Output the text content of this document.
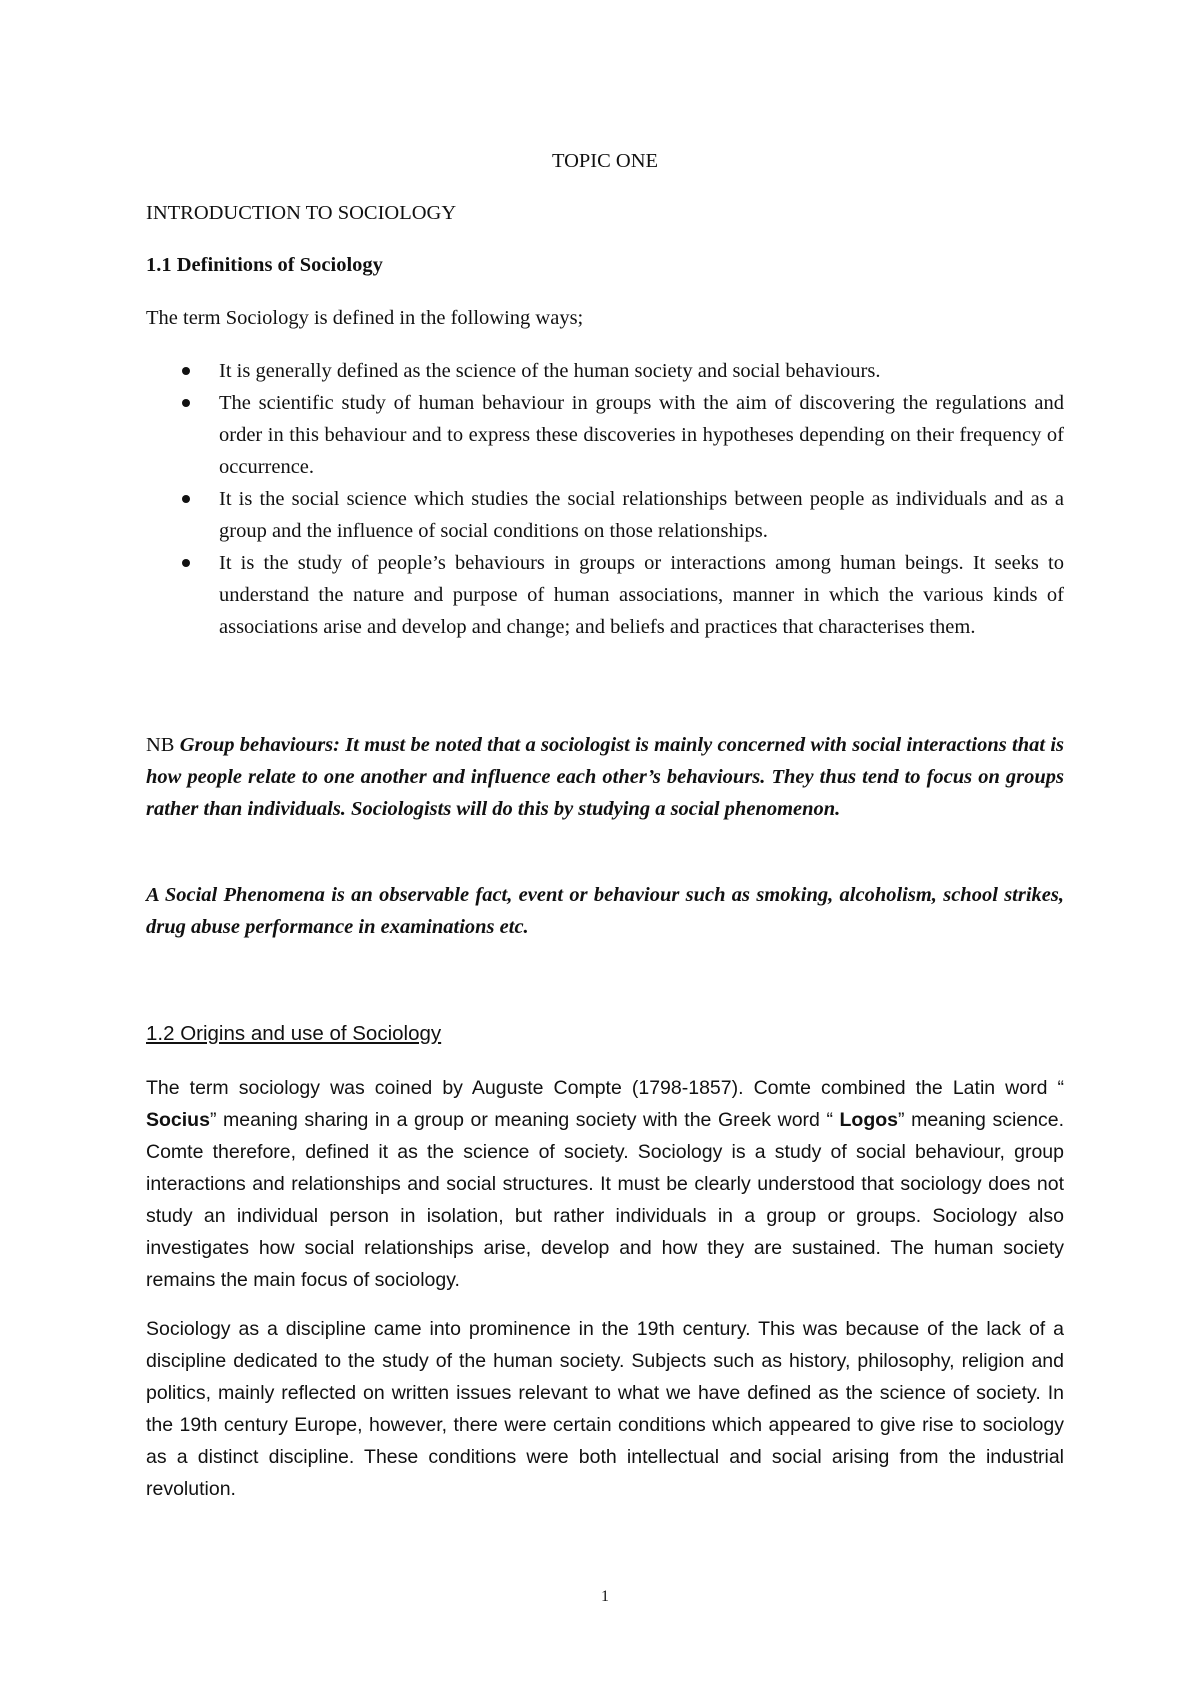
TOPIC ONE
INTRODUCTION TO SOCIOLOGY
1.1 Definitions of Sociology

The term Sociology is defined in the following ways;

It is generally defined as the science of the human society and social behaviours.
The scientific study of human behaviour in groups with the aim of discovering the regulations and order in this behaviour and to express these discoveries in hypotheses depending on their frequency of occurrence.
It is the social science which studies the social relationships between people as individuals and as a group and the influence of social conditions on those relationships.
It is the study of people’s behaviours in groups or interactions among human beings. It seeks to understand the nature and purpose of human associations, manner in which the various kinds of associations arise and develop and change; and beliefs and practices that characterises them.

NB Group behaviours: It must be noted that a sociologist is mainly concerned with social interactions that is how people relate to one another and influence each other’s behaviours. They thus tend to focus on groups rather than individuals. Sociologists will do this by studying a social phenomenon.

A Social Phenomena is an observable fact, event or behaviour such as smoking, alcoholism, school strikes, drug abuse performance in examinations etc.

1.2 Origins and use of Sociology

The term sociology was coined by Auguste Compte (1798-1857). Comte combined the Latin word “ Socius” meaning sharing in a group or meaning society with the Greek word “ Logos” meaning science. Comte therefore, defined it as the science of society. Sociology is a study of social behaviour, group interactions and relationships and social structures. It must be clearly understood that sociology does not study an individual person in isolation, but rather individuals in a group or groups. Sociology also investigates how social relationships arise, develop and how they are sustained. The human society remains the main focus of sociology.

Sociology as a discipline came into prominence in the 19th century. This was because of the lack of a discipline dedicated to the study of the human society. Subjects such as history, philosophy, religion and politics, mainly reflected on written issues relevant to what we have defined as the science of society. In the 19th century Europe, however, there were certain conditions which appeared to give rise to sociology as a distinct discipline. These conditions were both intellectual and social arising from the industrial revolution.

1
